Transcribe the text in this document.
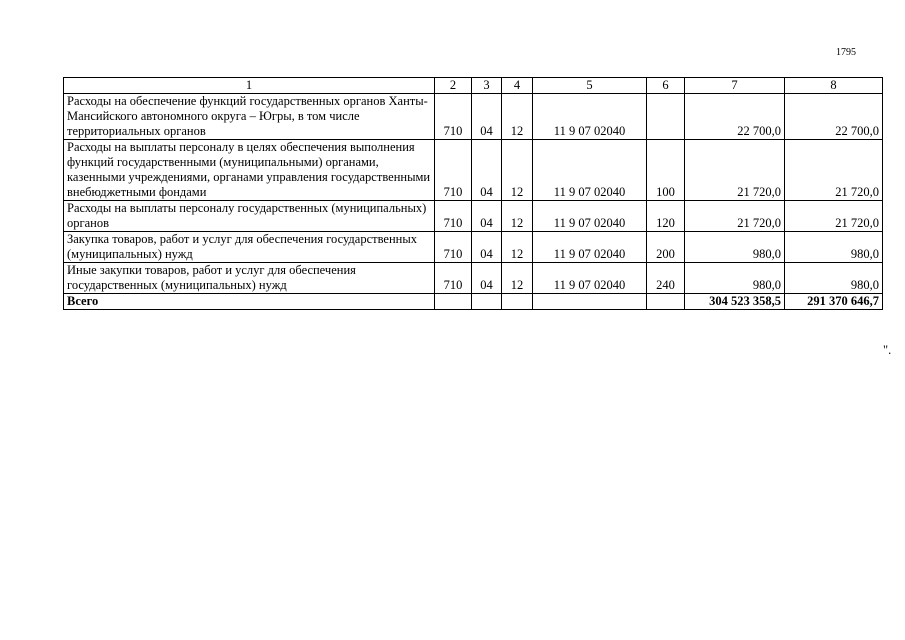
1795
1	2	3	4	5	6	7	8
Расходы на обеспечение функций государственных органов Ханты-Мансийского автономного округа – Югры, в том числе территориальных органов	710	04	12	11 9 07 02040		22 700,0	22 700,0
Расходы на выплаты персоналу в целях обеспечения выполнения функций государственными (муниципальными) органами, казенными учреждениями, органами управления государственными внебюджетными фондами	710	04	12	11 9 07 02040	100	21 720,0	21 720,0
Расходы на выплаты персоналу государственных (муниципальных) органов	710	04	12	11 9 07 02040	120	21 720,0	21 720,0
Закупка товаров, работ и услуг для обеспечения государственных (муниципальных) нужд	710	04	12	11 9 07 02040	200	980,0	980,0
Иные закупки товаров, работ и услуг для обеспечения государственных (муниципальных) нужд	710	04	12	11 9 07 02040	240	980,0	980,0
Всего						304 523 358,5	291 370 646,7
".
